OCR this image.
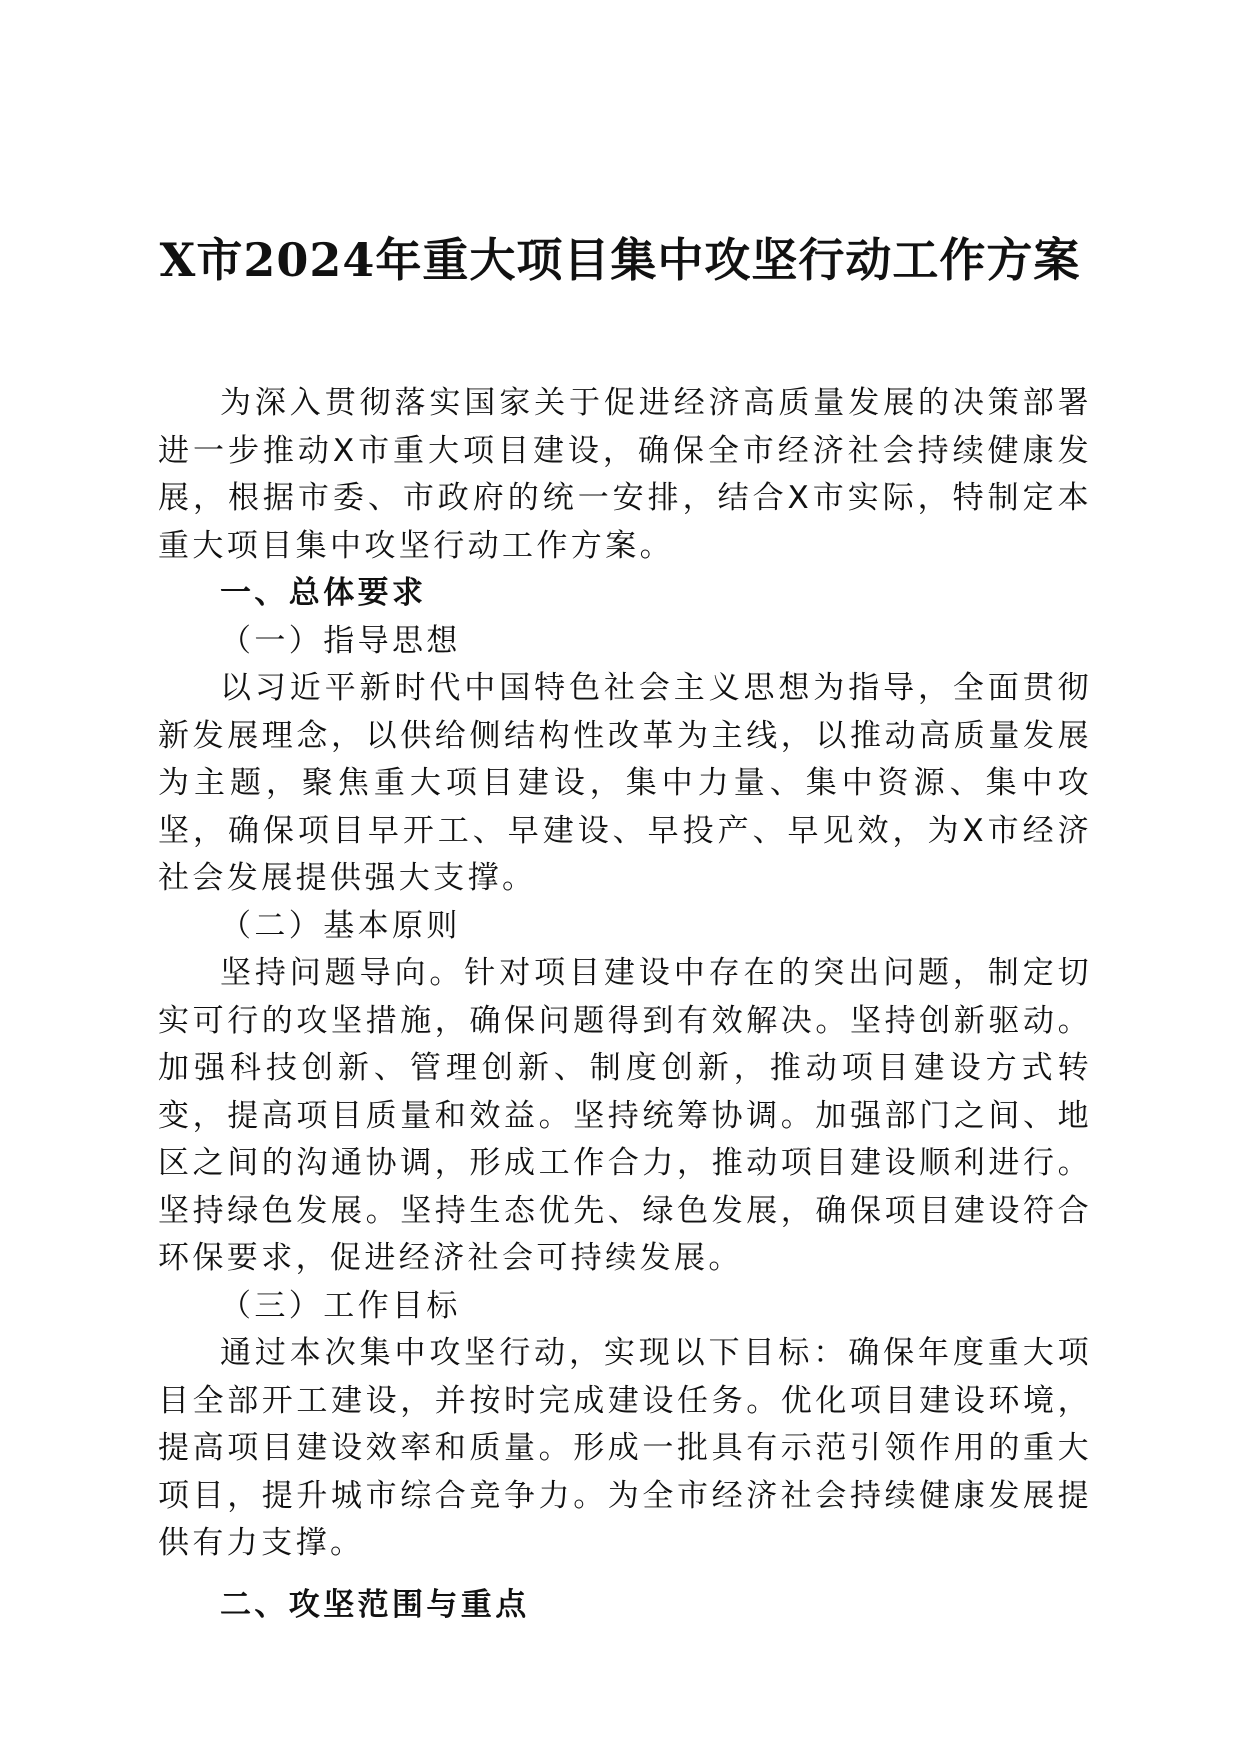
X市2024年重大项目集中攻坚行动工作方案

为深入贯彻落实国家关于促进经济高质量发展的决策部署进一步推动X市重大项目建设，确保全市经济社会持续健康发展，根据市委、市政府的统一安排，结合X市实际，特制定本重大项目集中攻坚行动工作方案。

一、总体要求
（一）指导思想

以习近平新时代中国特色社会主义思想为指导，全面贯彻新发展理念，以供给侧结构性改革为主线，以推动高质量发展为主题，聚焦重大项目建设，集中力量、集中资源、集中攻坚，确保项目早开工、早建设、早投产、早见效，为X市经济社会发展提供强大支撑。

（二）基本原则

坚持问题导向。针对项目建设中存在的突出问题，制定切实可行的攻坚措施，确保问题得到有效解决。坚持创新驱动。加强科技创新、管理创新、制度创新，推动项目建设方式转变，提高项目质量和效益。坚持统筹协调。加强部门之间、地区之间的沟通协调，形成工作合力，推动项目建设顺利进行。坚持绿色发展。坚持生态优先、绿色发展，确保项目建设符合环保要求，促进经济社会可持续发展。

（三）工作目标

通过本次集中攻坚行动，实现以下目标：确保年度重大项目全部开工建设，并按时完成建设任务。优化项目建设环境，提高项目建设效率和质量。形成一批具有示范引领作用的重大项目，提升城市综合竞争力。为全市经济社会持续健康发展提供有力支撑。

二、攻坚范围与重点
